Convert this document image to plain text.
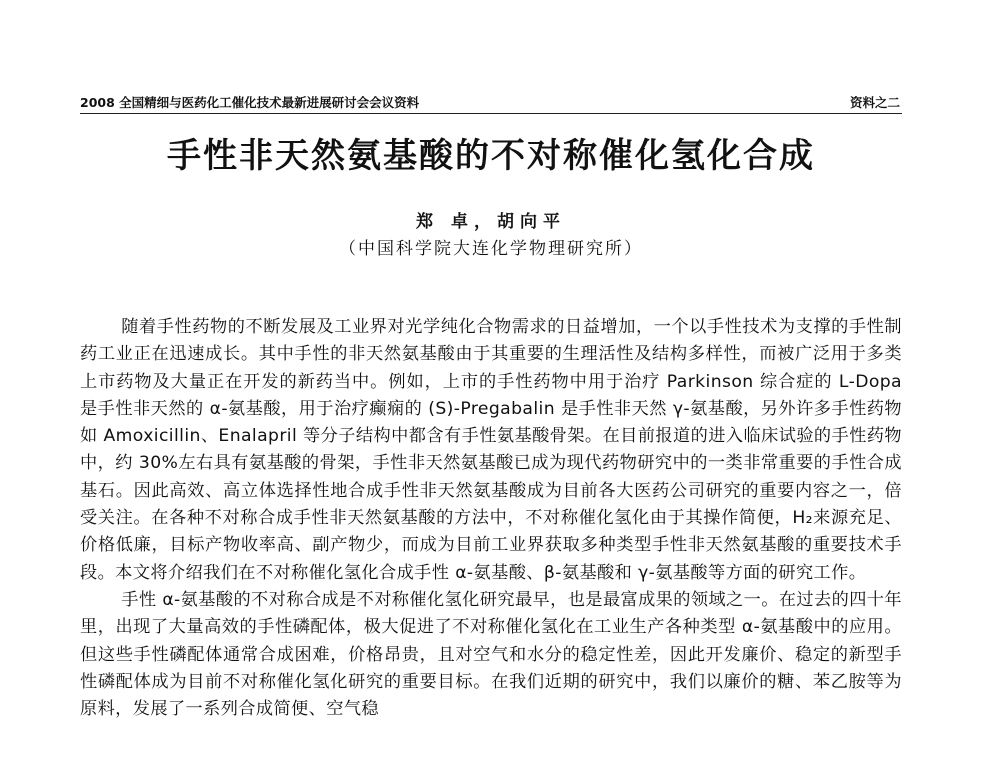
2008 全国精细与医药化工催化技术最新进展研讨会会议资料	资料之二
手性非天然氨基酸的不对称催化氢化合成
郑 卓，胡向平
（中国科学院大连化学物理研究所）

随着手性药物的不断发展及工业界对光学纯化合物需求的日益增加，一个以手性技术为支撑的手性制药工业正在迅速成长。其中手性的非天然氨基酸由于其重要的生理活性及结构多样性，而被广泛用于多类上市药物及大量正在开发的新药当中。例如，上市的手性药物中用于治疗 Parkinson 综合症的 L-Dopa 是手性非天然的 α-氨基酸，用于治疗癫痫的 (S)-Pregabalin 是手性非天然 γ-氨基酸，另外许多手性药物如 Amoxicillin、Enalapril 等分子结构中都含有手性氨基酸骨架。在目前报道的进入临床试验的手性药物中，约 30%左右具有氨基酸的骨架，手性非天然氨基酸已成为现代药物研究中的一类非常重要的手性合成基石。因此高效、高立体选择性地合成手性非天然氨基酸成为目前各大医药公司研究的重要内容之一，倍受关注。在各种不对称合成手性非天然氨基酸的方法中，不对称催化氢化由于其操作简便，H₂来源充足、价格低廉，目标产物收率高、副产物少，而成为目前工业界获取多种类型手性非天然氨基酸的重要技术手段。本文将介绍我们在不对称催化氢化合成手性 α-氨基酸、β-氨基酸和 γ-氨基酸等方面的研究工作。

手性 α-氨基酸的不对称合成是不对称催化氢化研究最早，也是最富成果的领域之一。在过去的四十年里，出现了大量高效的手性磷配体，极大促进了不对称催化氢化在工业生产各种类型 α-氨基酸中的应用。但这些手性磷配体通常合成困难，价格昂贵，且对空气和水分的稳定性差，因此开发廉价、稳定的新型手性磷配体成为目前不对称催化氢化研究的重要目标。在我们近期的研究中，我们以廉价的糖、苯乙胺等为原料，发展了一系列合成简便、空气稳
